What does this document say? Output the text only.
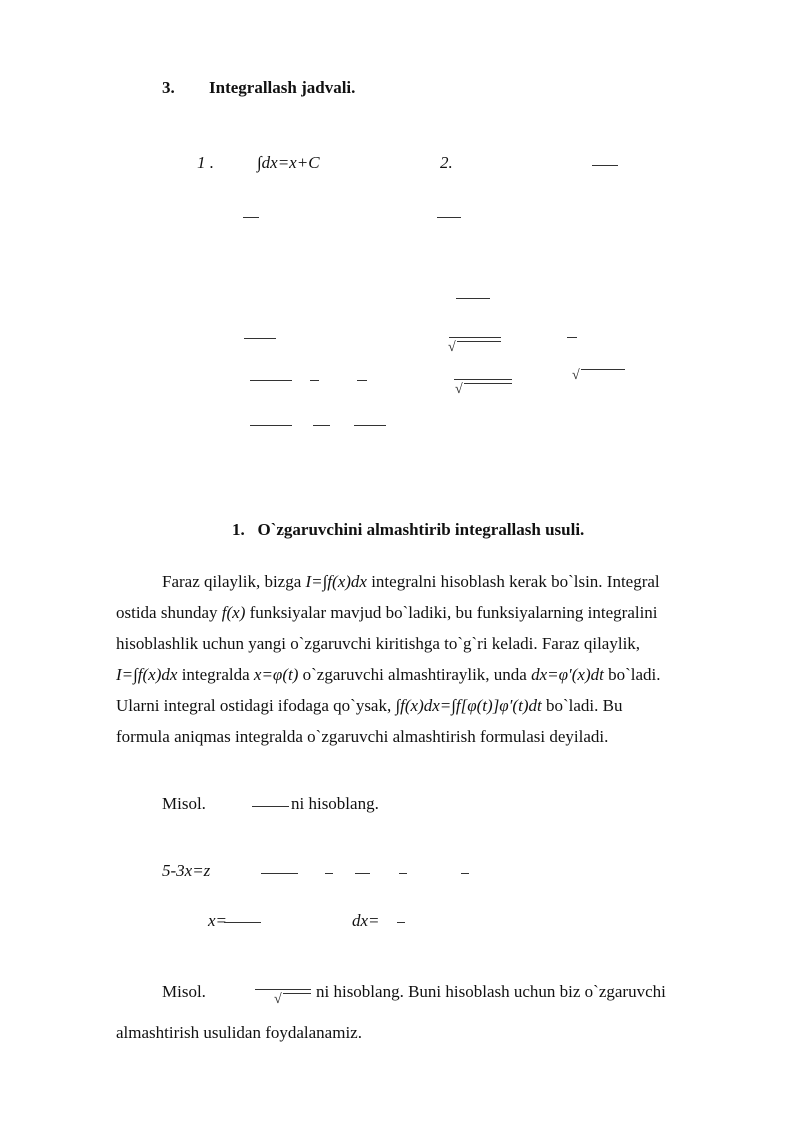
3. Integrallash jadvali.
1 .	∫dx=x+C	2.
√
√
√
1.   O`zgaruvchini almashtirib integrallash usuli.

Faraz qilaylik, bizga I=∫f(x)dx integralni hisoblash kerak bo`lsin. Integral

ostida shunday f(x) funksiyalar mavjud bo`ladiki, bu funksiyalarning integralini

hisoblashlik uchun yangi o`zgaruvchi kiritishga to`g`ri keladi. Faraz qilaylik,

I=∫f(x)dx integralda x=φ(t) o`zgaruvchi almashtiraylik, unda dx=φ′(x)dt bo`ladi.

Ularni integral ostidagi ifodaga qo`ysak, ∫f(x)dx=∫f[φ(t)]φ′(t)dt bo`ladi. Bu

formula aniqmas integralda o`zgaruvchi almashtirish formulasi deyiladi.

Misol.	ni hisoblang.
5-3x=z
x=	dx=
Misol.	√ ni hisoblang. Buni hisoblash uchun biz o`zgaruvchi
almashtirish usulidan foydalanamiz.
